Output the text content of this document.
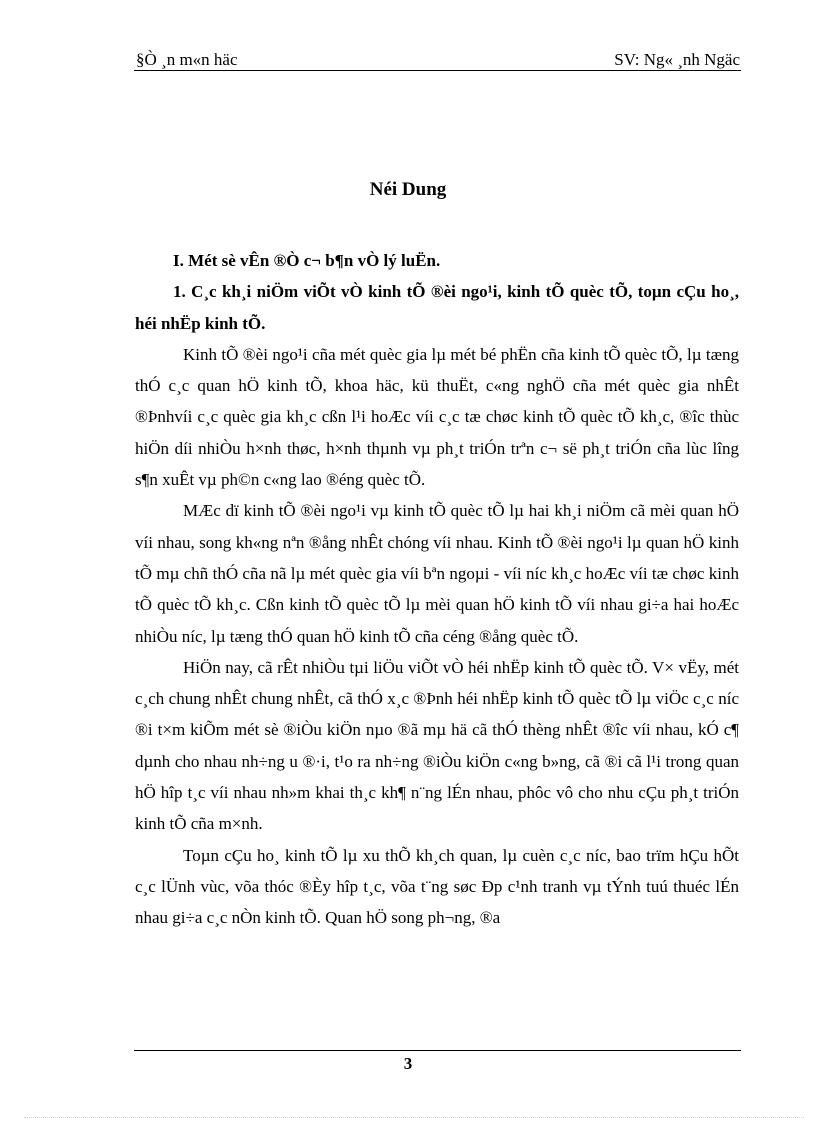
§Ò ¸n m«n häc	SV: Ng« ¸nh Ngäc
Néi Dung

I. Mét sè vÊn ®Ò c¬ b¶n vÒ lý luËn.

1. C¸c kh¸i niÖm viÕt vÒ kinh tÕ ®èi ngo¹i, kinh tÕ quèc tÕ, toµn cÇu ho¸, héi nhËp kinh tÕ.

Kinh tÕ ®èi ngo¹i cña mét quèc gia lµ mét bé phËn cña kinh tÕ quèc tÕ, lµ tæng thÓ c¸c quan hÖ kinh tÕ, khoa häc, kü thuËt, c«ng nghÖ cña mét quèc gia nhÊt ®Þnhvíi c¸c quèc gia kh¸c cßn l¹i hoÆc víi c¸c tæ chøc kinh tÕ quèc tÕ kh¸c, ®îc thùc hiÖn díi nhiÒu h×nh thøc, h×nh thµnh vµ ph¸t triÓn trªn c¬ së ph¸t triÓn cña lùc lîng s¶n xuÊt vµ ph©n c«ng lao ®éng quèc tÕ.

MÆc dï kinh tÕ ®èi ngo¹i vµ kinh tÕ quèc tÕ lµ hai kh¸i niÖm cã mèi quan hÖ víi nhau, song kh«ng nªn ®ång nhÊt chóng víi nhau. Kinh tÕ ®èi ngo¹i lµ quan hÖ kinh tÕ mµ chñ thÓ cña nã lµ mét quèc gia víi bªn ngoµi - víi níc kh¸c hoÆc víi tæ chøc kinh tÕ quèc tÕ kh¸c. Cßn kinh tÕ quèc tÕ lµ mèi quan hÖ kinh tÕ víi nhau gi÷a hai hoÆc nhiÒu níc, lµ tæng thÓ quan hÖ kinh tÕ cña céng ®ång quèc tÕ.

HiÖn nay, cã rÊt nhiÒu tµi liÖu viÕt vÒ héi nhËp kinh tÕ quèc tÕ. V× vËy, mét c¸ch chung nhÊt chung nhÊt, cã thÓ x¸c ®Þnh héi nhËp kinh tÕ quèc tÕ lµ viÖc c¸c níc ®i t×m kiÕm mét sè ®iÒu kiÖn nµo ®ã mµ hä cã thÓ thèng nhÊt ®îc víi nhau, kÓ c¶ dµnh cho nhau nh÷ng u ®·i, t¹o ra nh÷ng ®iÒu kiÖn c«ng b»ng, cã ®i cã l¹i trong quan hÖ hîp t¸c víi nhau nh»m khai th¸c kh¶ n¨ng lÉn nhau, phôc vô cho nhu cÇu ph¸t triÓn kinh tÕ cña m×nh.

Toµn cÇu ho¸ kinh tÕ lµ xu thÕ kh¸ch quan, lµ cuèn c¸c níc, bao trïm hÇu hÕt c¸c lÜnh vùc, võa thóc ®Èy hîp t¸c, võa t¨ng søc Ðp c¹nh tranh vµ tÝnh tuú thuéc lÉn nhau gi÷a c¸c nÒn kinh tÕ. Quan hÖ song ph¬ng, ®a

3
